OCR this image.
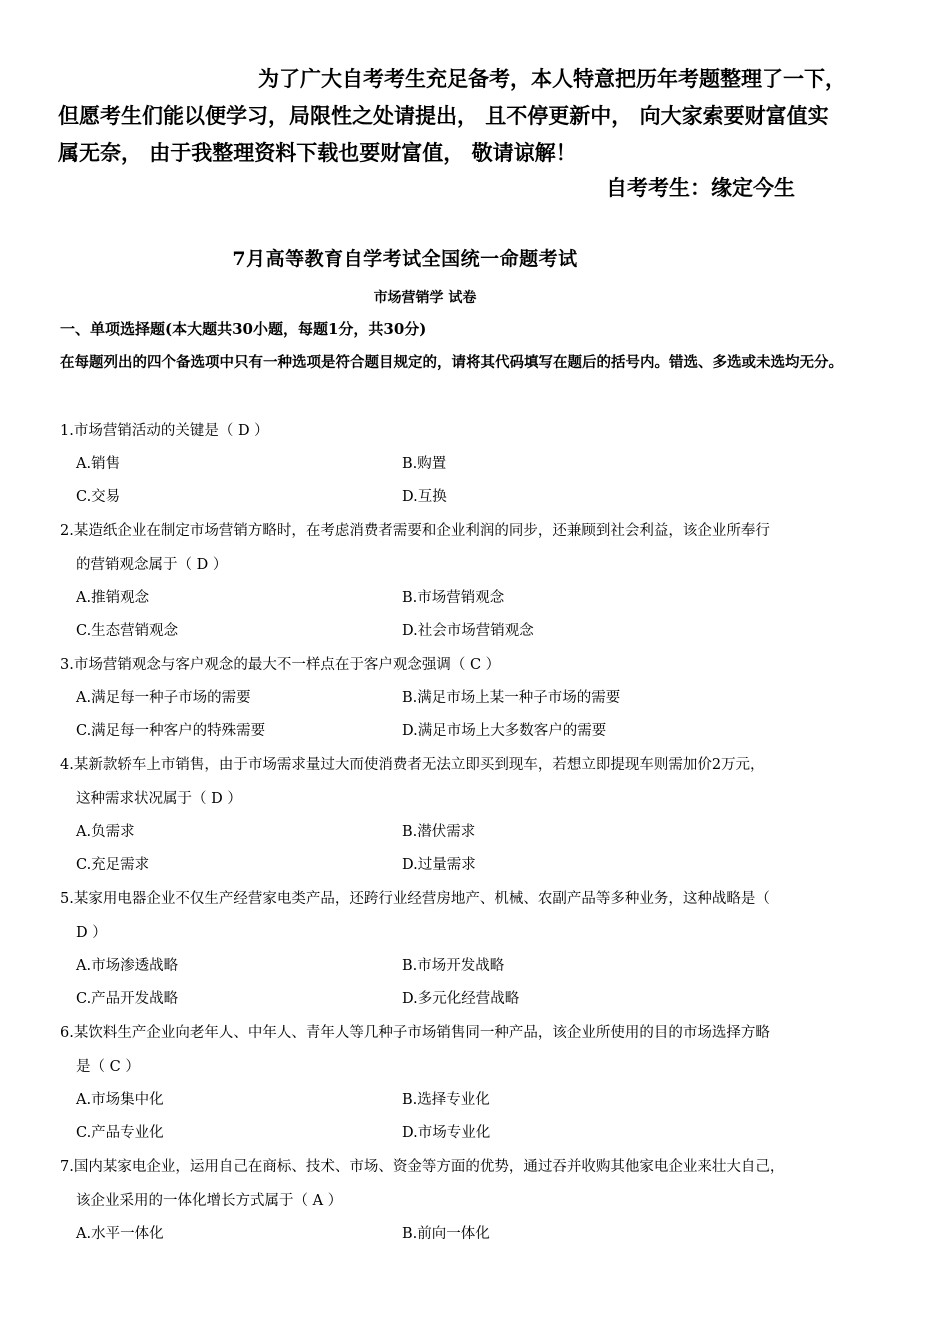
为了广大自考考生充足备考，本人特意把历年考题整理了一下，
但愿考生们能以便学习，局限性之处请提出， 且不停更新中， 向大家索要财富值实
属无奈， 由于我整理资料下载也要财富值， 敬请谅解！
自考考生：缘定今生
7月高等教育自学考试全国统一命题考试
市场营销学 试卷
一、单项选择题(本大题共30小题，每题1分，共30分)
在每题列出的四个备选项中只有一种选项是符合题目规定的，请将其代码填写在题后的括号内。错选、多选或未选均无分。

1.市场营销活动的关键是（ D ）

A.销售	B.购置
C.交易	D.互换

2.某造纸企业在制定市场营销方略时，在考虑消费者需要和企业利润的同步，还兼顾到社会利益，该企业所奉行

的营销观念属于（ D ）

A.推销观念	B.市场营销观念
C.生态营销观念	D.社会市场营销观念

3.市场营销观念与客户观念的最大不一样点在于客户观念强调（ C ）

A.满足每一种子市场的需要	B.满足市场上某一种子市场的需要
C.满足每一种客户的特殊需要	D.满足市场上大多数客户的需要

4.某新款轿车上市销售，由于市场需求量过大而使消费者无法立即买到现车，若想立即提现车则需加价2万元，

这种需求状况属于（ D ）

A.负需求	B.潜伏需求
C.充足需求	D.过量需求

5.某家用电器企业不仅生产经营家电类产品，还跨行业经营房地产、机械、农副产品等多种业务，这种战略是（

D ）

A.市场渗透战略	B.市场开发战略
C.产品开发战略	D.多元化经营战略

6.某饮料生产企业向老年人、中年人、青年人等几种子市场销售同一种产品，该企业所使用的目的市场选择方略

是（ C ）

A.市场集中化	B.选择专业化
C.产品专业化	D.市场专业化

7.国内某家电企业，运用自己在商标、技术、市场、资金等方面的优势，通过吞并收购其他家电企业来壮大自己，

该企业采用的一体化增长方式属于（ A ）

A.水平一体化	B.前向一体化
